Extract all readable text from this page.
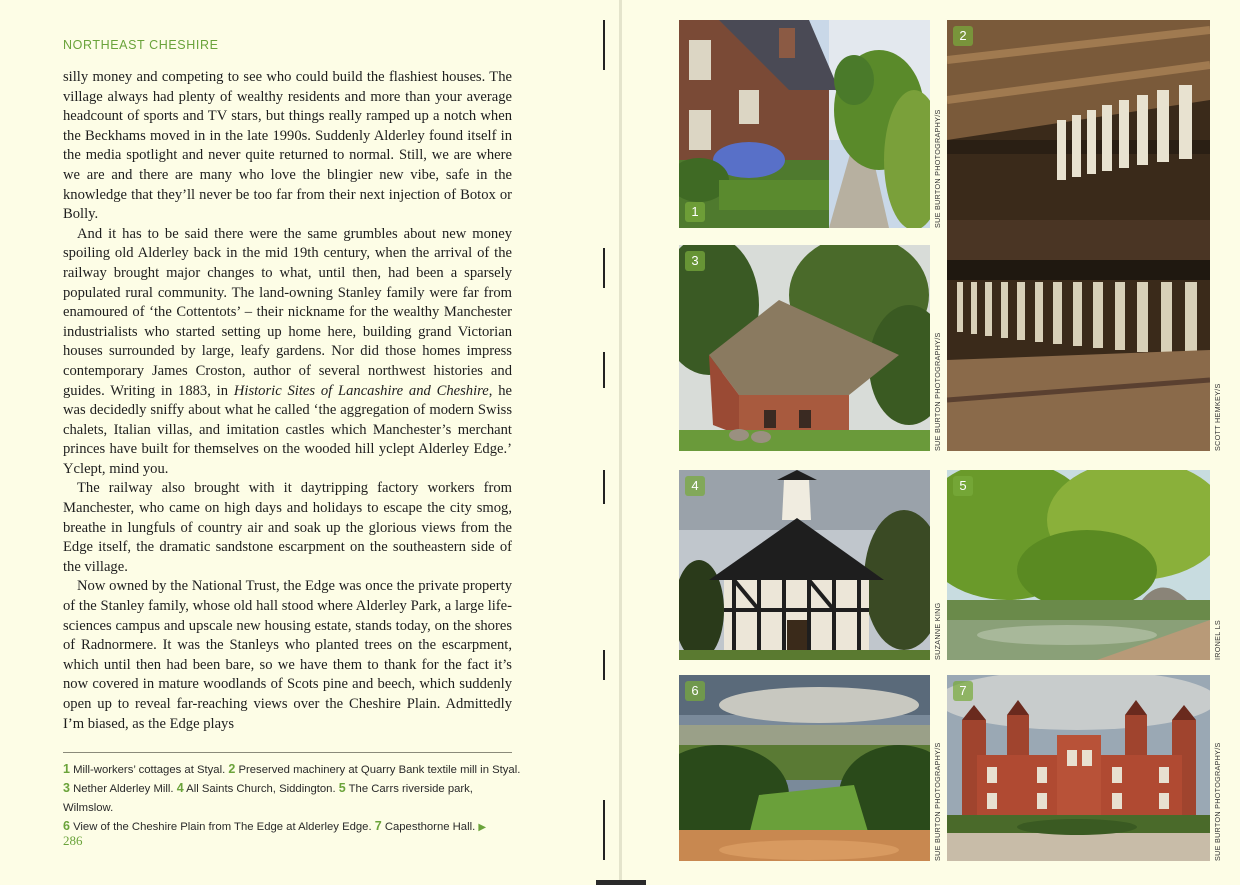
NORTHEAST CHESHIRE

silly money and competing to see who could build the flashiest houses. The village always had plenty of wealthy residents and more than your average headcount of sports and TV stars, but things really ramped up a notch when the Beckhams moved in in the late 1990s. Suddenly Alderley found itself in the media spotlight and never quite returned to normal. Still, we are where we are and there are many who love the blingier new vibe, safe in the knowledge that they’ll never be too far from their next injection of Botox or Bolly.

And it has to be said there were the same grumbles about new money spoiling old Alderley back in the mid 19th century, when the arrival of the railway brought major changes to what, until then, had been a sparsely populated rural community. The land-owning Stanley family were far from enamoured of ‘the Cottentots’ – their nickname for the wealthy Manchester industrialists who started setting up home here, building grand Victorian houses surrounded by large, leafy gardens. Nor did those homes impress contemporary James Croston, author of several northwest histories and guides. Writing in 1883, in Historic Sites of Lancashire and Cheshire, he was decidedly sniffy about what he called ‘the aggregation of modern Swiss chalets, Italian villas, and imitation castles which Manchester’s merchant princes have built for themselves on the wooded hill yclept Alderley Edge.’ Yclept, mind you.

The railway also brought with it daytripping factory workers from Manchester, who came on high days and holidays to escape the city smog, breathe in lungfuls of country air and soak up the glorious views from the Edge itself, the dramatic sandstone escarpment on the southeastern side of the village.

Now owned by the National Trust, the Edge was once the private property of the Stanley family, whose old hall stood where Alderley Park, a large life-sciences campus and upscale new housing estate, stands today, on the shores of Radnormere. It was the Stanleys who planted trees on the escarpment, which until then had been bare, so we have them to thank for the fact it’s now covered in mature woodlands of Scots pine and beech, which suddenly open up to reveal far-reaching views over the Cheshire Plain. Admittedly I’m biased, as the Edge plays

1 Mill-workers’ cottages at Styal. 2 Preserved machinery at Quarry Bank textile mill in Styal.
3 Nether Alderley Mill. 4 All Saints Church, Siddington. 5 The Carrs riverside park, Wilmslow.
6 View of the Cheshire Plain from The Edge at Alderley Edge. 7 Capesthorne Hall. ▶
286
1	SUE BURTON PHOTOGRAPHY/S
2
SCOTT HEMKEY/S
3
SUE BURTON PHOTOGRAPHY/S
4
SUZANNE KING
5
IRONEL LS
6
SUE BURTON PHOTOGRAPHY/S
7
SUE BURTON PHOTOGRAPHY/S
